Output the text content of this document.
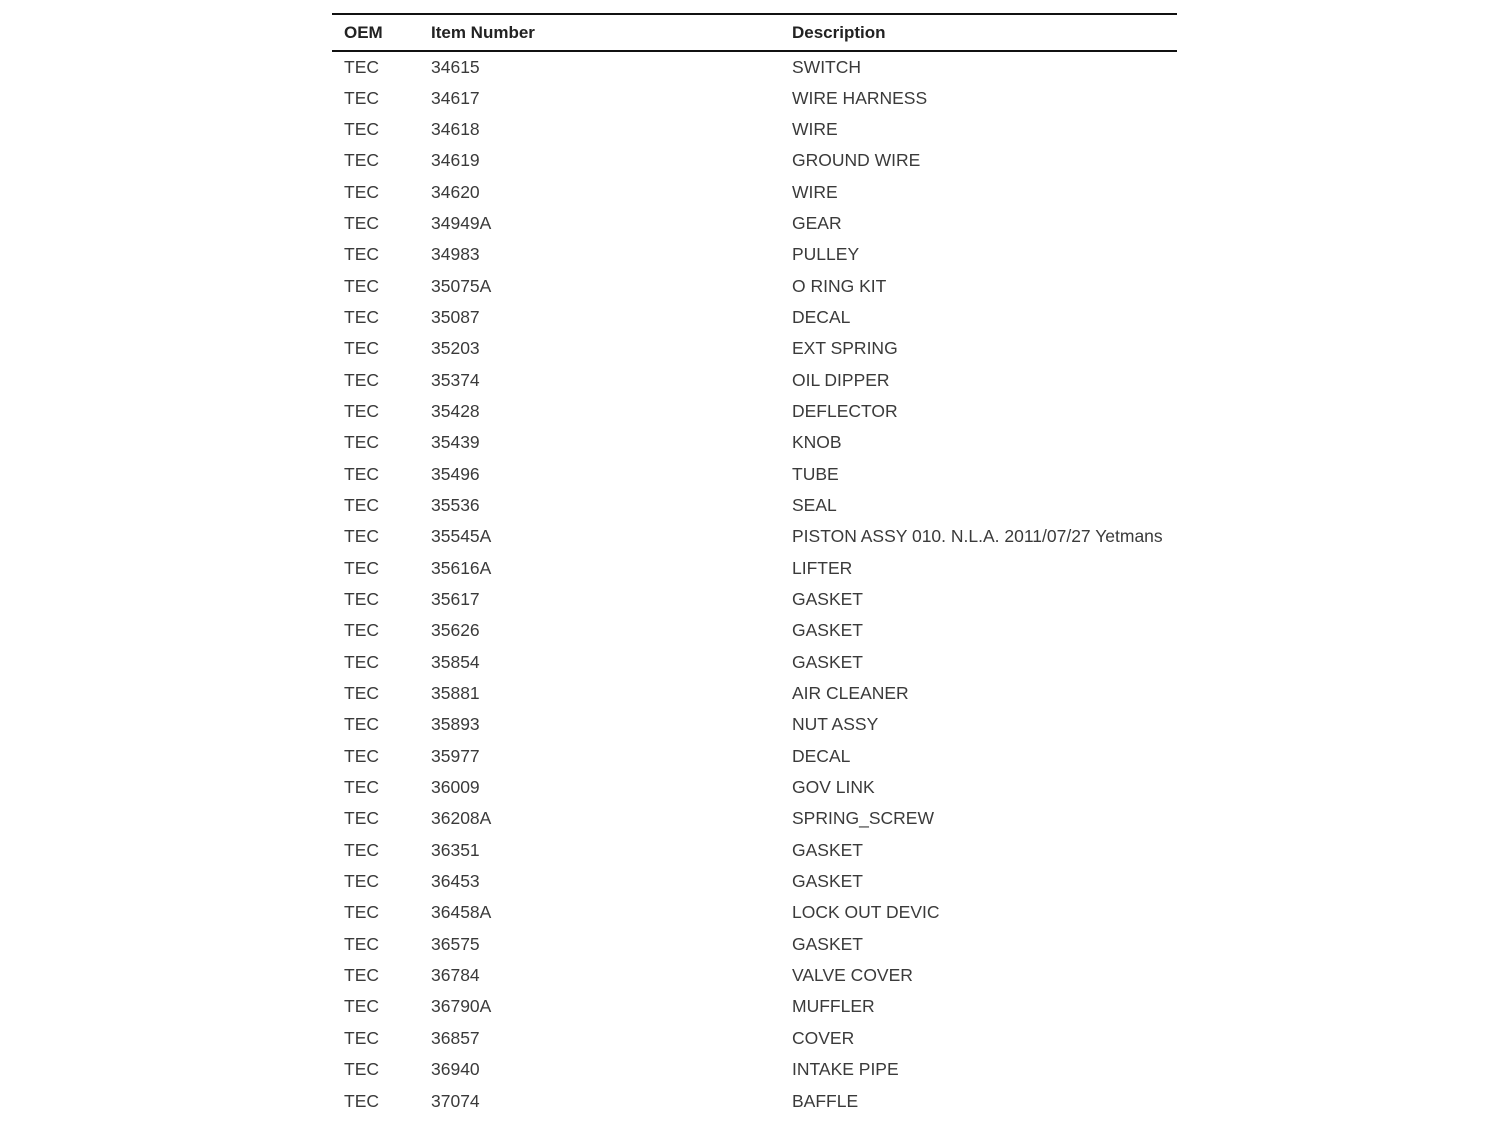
OEM	Item Number	Description
TEC	34615	SWITCH
TEC	34617	WIRE HARNESS
TEC	34618	WIRE
TEC	34619	GROUND WIRE
TEC	34620	WIRE
TEC	34949A	GEAR
TEC	34983	PULLEY
TEC	35075A	O RING KIT
TEC	35087	DECAL
TEC	35203	EXT SPRING
TEC	35374	OIL DIPPER
TEC	35428	DEFLECTOR
TEC	35439	KNOB
TEC	35496	TUBE
TEC	35536	SEAL
TEC	35545A	PISTON ASSY 010. N.L.A. 2011/07/27 Yetmans
TEC	35616A	LIFTER
TEC	35617	GASKET
TEC	35626	GASKET
TEC	35854	GASKET
TEC	35881	AIR CLEANER
TEC	35893	NUT ASSY
TEC	35977	DECAL
TEC	36009	GOV LINK
TEC	36208A	SPRING_SCREW
TEC	36351	GASKET
TEC	36453	GASKET
TEC	36458A	LOCK OUT DEVIC
TEC	36575	GASKET
TEC	36784	VALVE COVER
TEC	36790A	MUFFLER
TEC	36857	COVER
TEC	36940	INTAKE PIPE
TEC	37074	BAFFLE
